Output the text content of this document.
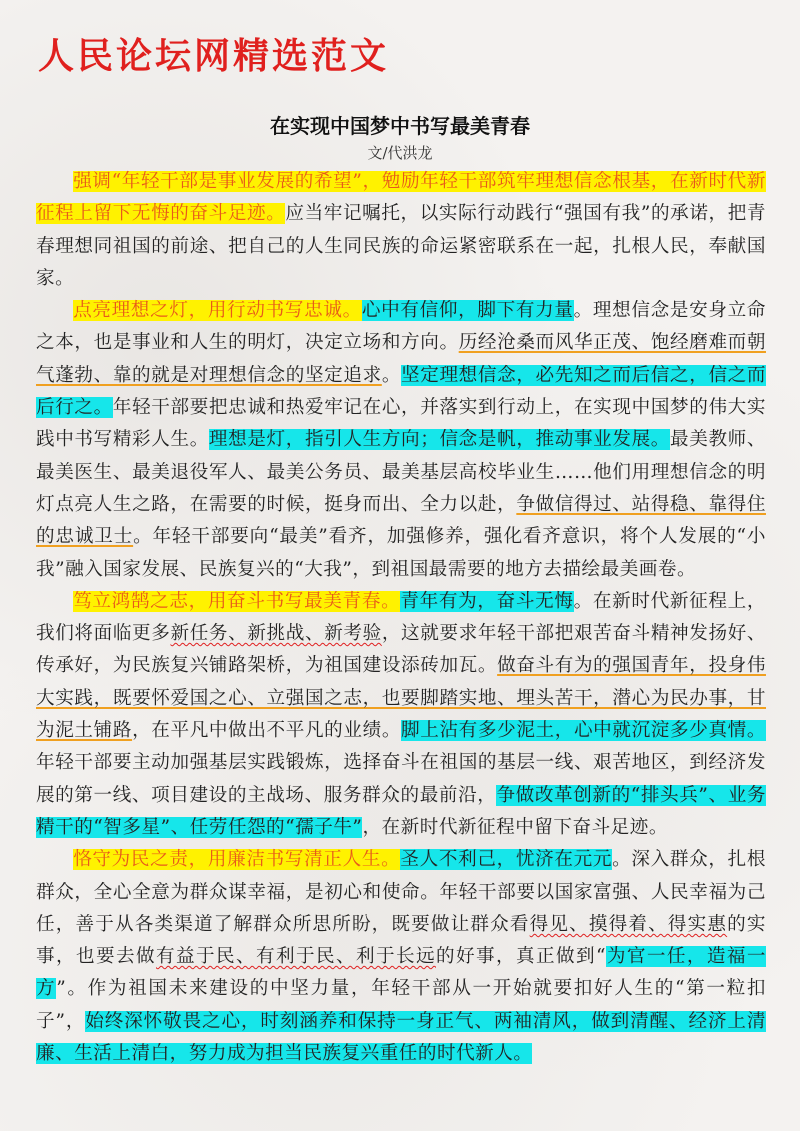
人民论坛网精选范文
在实现中国梦中书写最美青春
文/代洪龙

强调“年轻干部是事业发展的希望”，勉励年轻干部筑牢理想信念根基，在新时代新征程上留下无悔的奋斗足迹。应当牢记嘱托，以实际行动践行“强国有我”的承诺，把青春理想同祖国的前途、把自己的人生同民族的命运紧密联系在一起，扎根人民，奉献国家。

点亮理想之灯，用行动书写忠诚。心中有信仰，脚下有力量。理想信念是安身立命之本，也是事业和人生的明灯，决定立场和方向。历经沧桑而风华正茂、饱经磨难而朝气蓬勃、靠的就是对理想信念的坚定追求。坚定理想信念，必先知之而后信之，信之而后行之。年轻干部要把忠诚和热爱牢记在心，并落实到行动上，在实现中国梦的伟大实践中书写精彩人生。理想是灯，指引人生方向；信念是帆，推动事业发展。最美教师、最美医生、最美退役军人、最美公务员、最美基层高校毕业生……他们用理想信念的明灯点亮人生之路，在需要的时候，挺身而出、全力以赴，争做信得过、站得稳、靠得住的忠诚卫士。年轻干部要向“最美”看齐，加强修养，强化看齐意识，将个人发展的“小我”融入国家发展、民族复兴的“大我”，到祖国最需要的地方去描绘最美画卷。

笃立鸿鹄之志，用奋斗书写最美青春。青年有为，奋斗无悔。在新时代新征程上，我们将面临更多新任务、新挑战、新考验，这就要求年轻干部把艰苦奋斗精神发扬好、传承好，为民族复兴铺路架桥，为祖国建设添砖加瓦。做奋斗有为的强国青年，投身伟大实践，既要怀爱国之心、立强国之志，也要脚踏实地、埋头苦干，潜心为民办事，甘为泥土铺路，在平凡中做出不平凡的业绩。脚上沾有多少泥土，心中就沉淀多少真情。年轻干部要主动加强基层实践锻炼，选择奋斗在祖国的基层一线、艰苦地区，到经济发展的第一线、项目建设的主战场、服务群众的最前沿，争做改革创新的“排头兵”、业务精干的“智多星”、任劳任怨的“孺子牛”，在新时代新征程中留下奋斗足迹。

恪守为民之责，用廉洁书写清正人生。圣人不利己，忧济在元元。深入群众，扎根群众，全心全意为群众谋幸福，是初心和使命。年轻干部要以国家富强、人民幸福为己任，善于从各类渠道了解群众所思所盼，既要做让群众看得见、摸得着、得实惠的实事，也要去做有益于民、有利于民、利于长远的好事，真正做到“为官一任，造福一方”。作为祖国未来建设的中坚力量，年轻干部从一开始就要扣好人生的“第一粒扣子”，始终深怀敬畏之心，时刻涵养和保持一身正气、两袖清风，做到清醒、经济上清廉、生活上清白，努力成为担当民族复兴重任的时代新人。
